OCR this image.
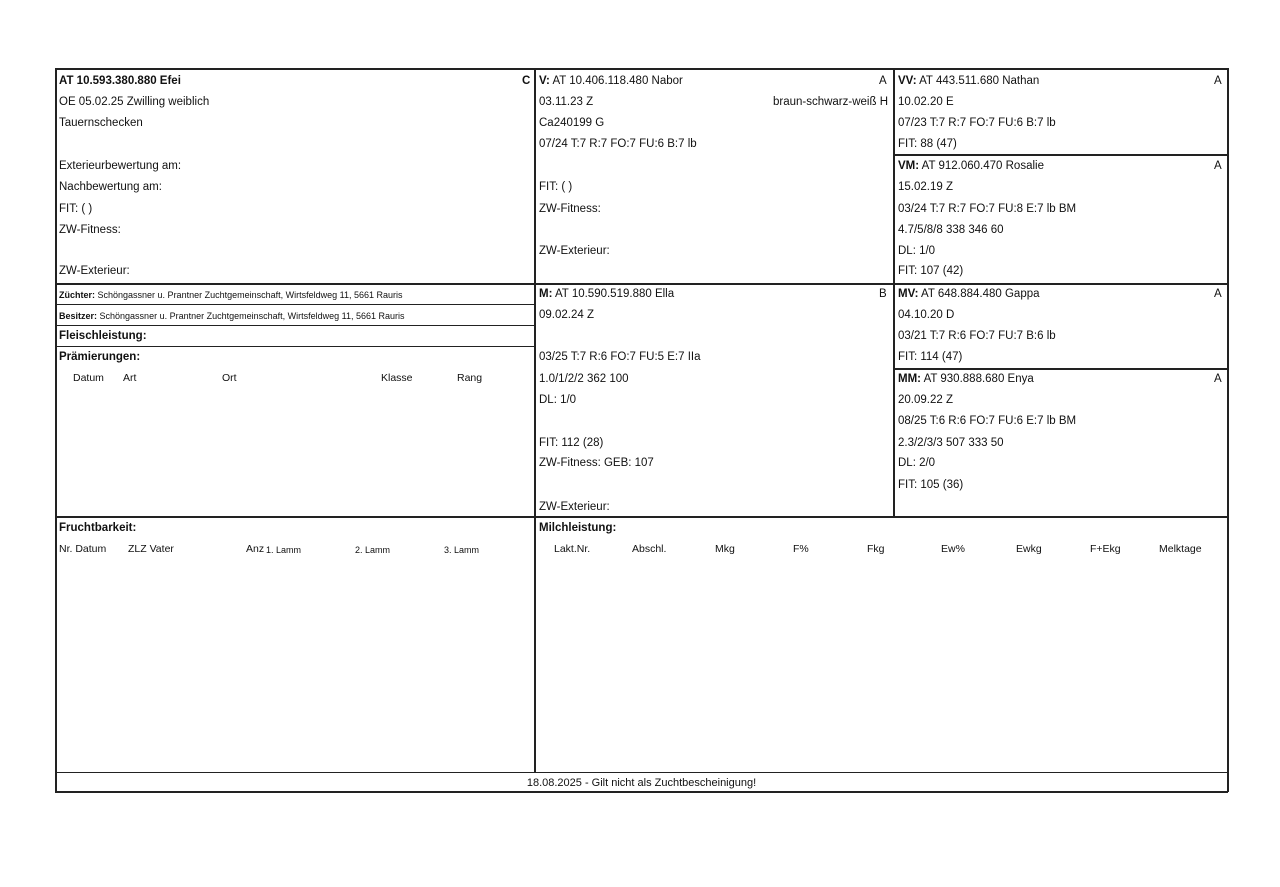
AT 10.593.380.880 Efei	C
OE 05.02.25 Zwilling weiblich
Tauernschecken
Exterieurbewertung am:
Nachbewertung am:
FIT: ( )
ZW-Fitness:
ZW-Exterieur:
V: AT 10.406.118.480 Nabor	A
03.11.23 Z	braun-schwarz-weiß H
Ca240199 G
07/24 T:7 R:7 FO:7 FU:6 B:7 lb
FIT: ( )
ZW-Fitness:
ZW-Exterieur:
VV: AT 443.511.680 Nathan	A
10.02.20 E
07/23 T:7 R:7 FO:7 FU:6 B:7 lb
FIT: 88 (47)
VM: AT 912.060.470 Rosalie	A
15.02.19 Z
03/24 T:7 R:7 FO:7 FU:8 E:7 lb BM
4.7/5/8/8 338 346 60
DL: 1/0
FIT: 107 (42)
Züchter: Schöngassner u. Prantner Zuchtgemeinschaft, Wirtsfeldweg 11, 5661 Rauris
Besitzer: Schöngassner u. Prantner Zuchtgemeinschaft, Wirtsfeldweg 11, 5661 Rauris
Fleischleistung:
Prämierungen:
Datum Art	Ort	Klasse	Rang
M: AT 10.590.519.880 Ella	B
09.02.24 Z
03/25 T:7 R:6 FO:7 FU:5 E:7 IIa
1.0/1/2/2 362 100
DL: 1/0
FIT: 112 (28)
ZW-Fitness: GEB: 107
ZW-Exterieur:
MV: AT 648.884.480 Gappa	A
04.10.20 D
03/21 T:7 R:6 FO:7 FU:7 B:6 lb
FIT: 114 (47)
MM: AT 930.888.680 Enya	A
20.09.22 Z
08/25 T:6 R:6 FO:7 FU:6 E:7 lb BM
2.3/2/3/3 507 333 50
DL: 2/0
FIT: 105 (36)
Fruchtbarkeit:
Nr. Datum ZLZ Vater	Anz 1. Lamm	2. Lamm	3. Lamm
Milchleistung:
Lakt.Nr.	Abschl.	Mkg	F%	Fkg	Ew%	Ewkg	F+Ekg	Melktage
18.08.2025 - Gilt nicht als Zuchtbescheinigung!
